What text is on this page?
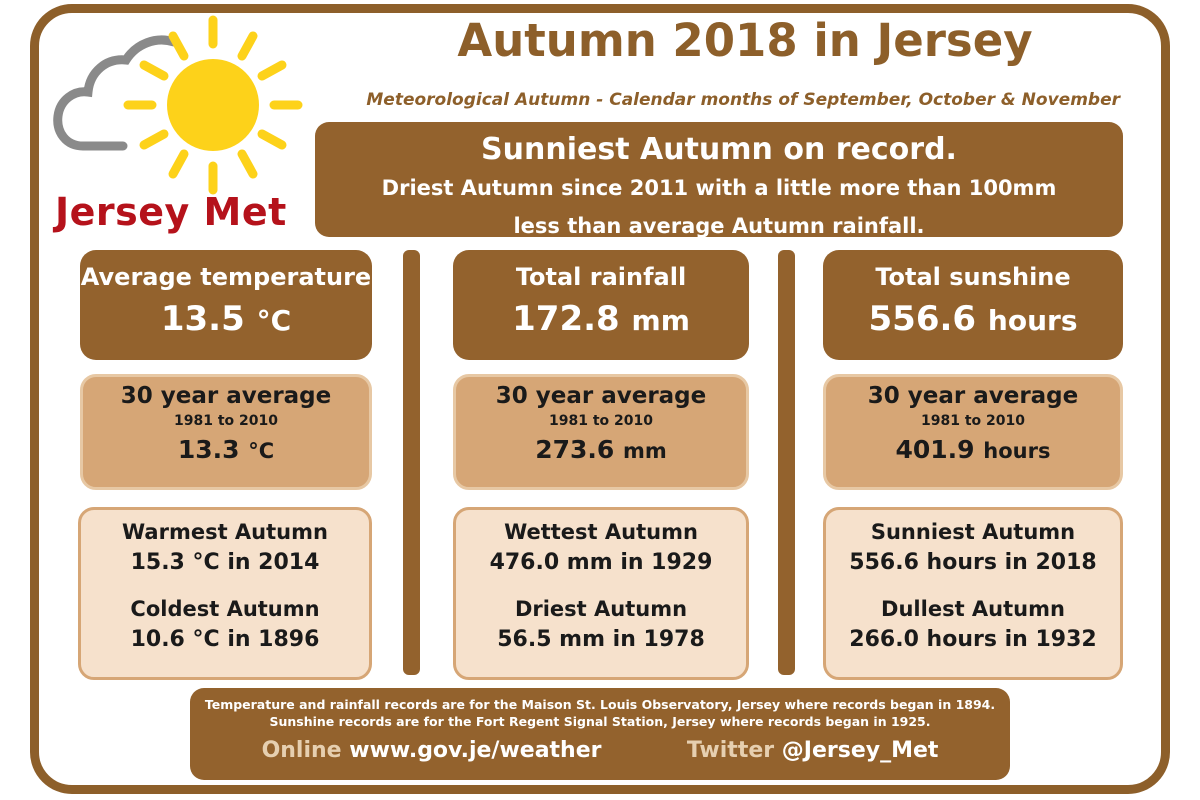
Jersey Met
Autumn 2018 in Jersey
Meteorological Autumn - Calendar months of September, October & November
Sunniest Autumn on record.
Driest Autumn since 2011 with a little more than 100mm
less than average Autumn rainfall.
Average temperature
13.5 °C
30 year average
1981 to 2010
13.3 °C
Warmest Autumn
15.3 °C in 2014
Coldest Autumn
10.6 °C in 1896
Total rainfall
172.8 mm
30 year average
1981 to 2010
273.6 mm
Wettest Autumn
476.0 mm in 1929
Driest Autumn
56.5 mm in 1978
Total sunshine
556.6 hours
30 year average
1981 to 2010
401.9 hours
Sunniest Autumn
556.6 hours in 2018
Dullest Autumn
266.0 hours in 1932
Temperature and rainfall records are for the Maison St. Louis Observatory, Jersey where records began in 1894.
Sunshine records are for the Fort Regent Signal Station, Jersey where records began in 1925.
Online www.gov.je/weather	Twitter @Jersey_Met
